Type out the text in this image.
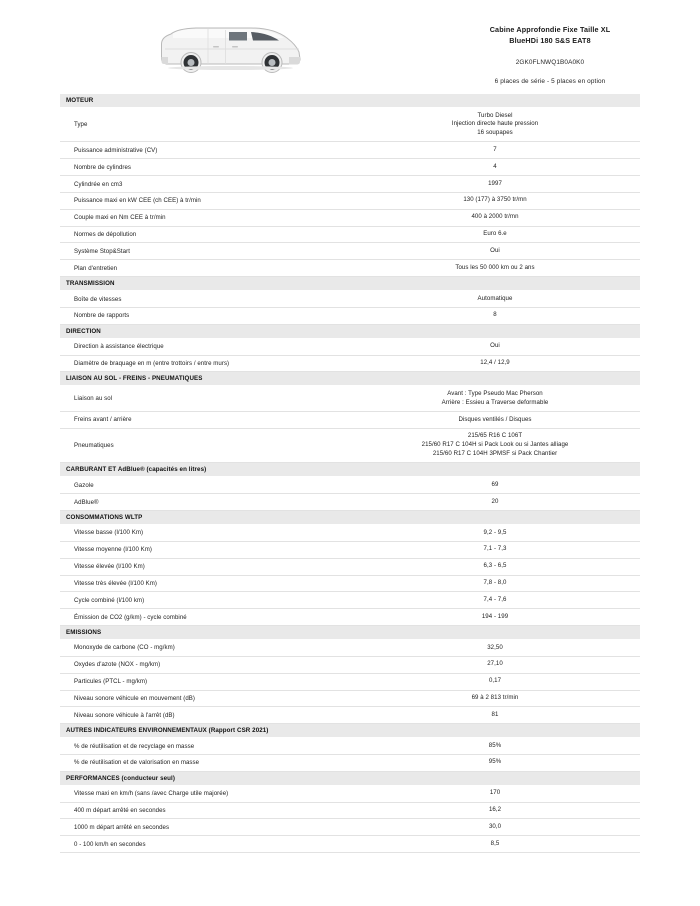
Cabine Approfondie Fixe Taille XL
BlueHDi 180 S&S EAT8
2GK0FLNWQ1B0A0K0
6 places de série - 5 places en option
MOTEUR	
Type	Turbo Diesel
Injection directe haute pression
16 soupapes

Puissance administrative (CV)	7

Nombre de cylindres	4

Cylindrée en cm3	1997

Puissance maxi en kW CEE (ch CEE) à tr/min	130 (177) à 3750 tr/mn

Couple maxi en Nm CEE à tr/min	400 à 2000 tr/mn

Normes de dépollution	Euro 6.e

Système Stop&Start	Oui

Plan d'entretien	Tous les 50 000 km ou 2 ans

TRANSMISSION	
Boîte de vitesses	Automatique

Nombre de rapports	8

DIRECTION	
Direction à assistance électrique	Oui

Diamètre de braquage en m (entre trottoirs / entre murs)	12,4 / 12,9

LIAISON AU SOL - FREINS - PNEUMATIQUES	
Liaison au sol	Avant : Type Pseudo Mac Pherson
Arrière : Essieu a Traverse deformable

Freins avant / arrière	Disques ventilés / Disques

Pneumatiques	215/65 R16 C 106T
215/60 R17 C 104H si Pack Look ou si Jantes alliage
215/60 R17 C 104H 3PMSF si Pack Chantier

CARBURANT ET AdBlue® (capacités en litres)	
Gazole	69

AdBlue®	20

CONSOMMATIONS WLTP	
Vitesse basse (l/100 Km)	9,2 - 9,5

Vitesse moyenne (l/100 Km)	7,1 - 7,3

Vitesse élevée (l/100 Km)	6,3 - 6,5

Vitesse très élevée (l/100 Km)	7,8 - 8,0

Cycle combiné (l/100 km)	7,4 - 7,6

Émission de CO2 (g/km) - cycle combiné	194 - 199

EMISSIONS	
Monoxyde de carbone (CO - mg/km)	32,50

Oxydes d'azote (NOX - mg/km)	27,10

Particules (PTCL - mg/km)	0,17

Niveau sonore véhicule en mouvement (dB)	69 à 2 813 tr/min

Niveau sonore véhicule à l'arrêt (dB)	81

AUTRES INDICATEURS ENVIRONNEMENTAUX (Rapport CSR 2021)	
% de réutilisation et de recyclage en masse	85%

% de réutilisation et de valorisation en masse	95%

PERFORMANCES (conducteur seul)	
Vitesse maxi en km/h (sans /avec Charge utile majorée)	170

400 m départ arrêté en secondes	16,2

1000 m départ arrêté en secondes	30,0

0 - 100 km/h en secondes	8,5
